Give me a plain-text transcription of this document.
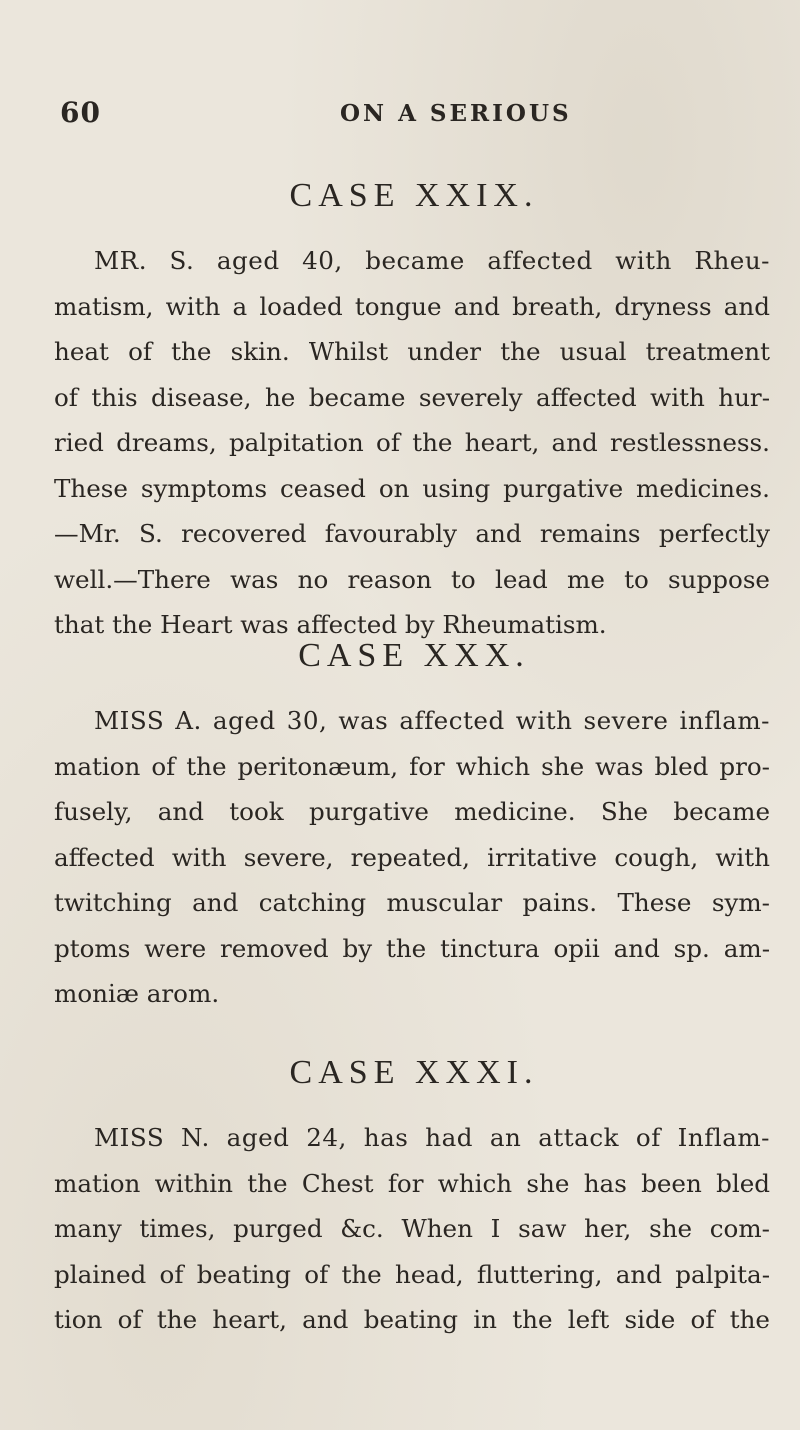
60	ON A SERIOUS
CASE XXIX.

MR. S. aged 40, became affected with Rheu-
matism, with a loaded tongue and breath, dryness and
heat of the skin. Whilst under the usual treatment
of this disease, he became severely affected with hur-
ried dreams, palpitation of the heart, and restlessness.
These symptoms ceased on using purgative medicines.
—Mr. S. recovered favourably and remains perfectly
well.—There was no reason to lead me to suppose
that the Heart was affected by Rheumatism.

CASE XXX.

MISS A. aged 30, was affected with severe inflam-
mation of the peritonæum, for which she was bled pro-
fusely, and took purgative medicine. She became
affected with severe, repeated, irritative cough, with
twitching and catching muscular pains. These sym-
ptoms were removed by the tinctura opii and sp. am-
moniæ arom.

CASE XXXI.

MISS N. aged 24, has had an attack of Inflam-
mation within the Chest for which she has been bled
many times, purged &c. When I saw her, she com-
plained of beating of the head, fluttering, and palpita-
tion of the heart, and beating in the left side of the
